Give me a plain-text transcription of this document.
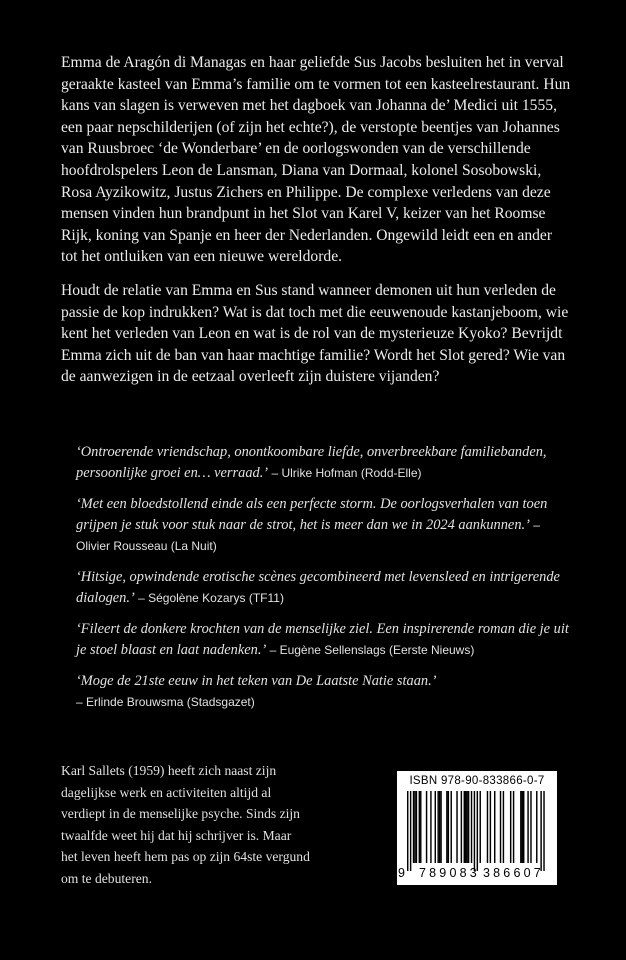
Emma de Aragón di Managas en haar geliefde Sus Jacobs besluiten het in verval geraakte kasteel van Emma’s familie om te vormen tot een kasteelrestaurant. Hun kans van slagen is verweven met het dagboek van Johanna de’ Medici uit 1555, een paar nepschilderijen (of zijn het echte?), de verstopte beentjes van Johannes van Ruusbroec ‘de Wonderbare’ en de oorlogswonden van de verschillende hoofdrolspelers Leon de Lansman, Diana van Dormaal, kolonel Sosobowski, Rosa Ayzikowitz, Justus Zichers en Philippe. De complexe verledens van deze mensen vinden hun brandpunt in het Slot van Karel V, keizer van het Roomse Rijk, koning van Spanje en heer der Nederlanden. Ongewild leidt een en ander tot het ontluiken van een nieuwe wereldorde.

Houdt de relatie van Emma en Sus stand wanneer demonen uit hun verleden de passie de kop indrukken? Wat is dat toch met die eeuwenoude kastanjeboom, wie kent het verleden van Leon en wat is de rol van de mysterieuze Kyoko? Bevrijdt Emma zich uit de ban van haar machtige familie? Wordt het Slot gered? Wie van de aanwezigen in de eetzaal overleeft zijn duistere vijanden?

‘Ontroerende vriendschap, onontkoombare liefde, onverbreekbare familiebanden, persoonlijke groei en… verraad.’ – Ulrike Hofman (Rodd-Elle)
‘Met een bloedstollend einde als een perfecte storm. De oorlogsverhalen van toen grijpen je stuk voor stuk naar de strot, het is meer dan we in 2024 aankunnen.’ – Olivier Rousseau (La Nuit)
‘Hitsige, opwindende erotische scènes gecombineerd met levensleed en intrigerende dialogen.’ – Ségolène Kozarys (TF11)
‘Fileert de donkere krochten van de menselijke ziel. Een inspirerende roman die je uit je stoel blaast en laat nadenken.’ – Eugène Sellenslags (Eerste Nieuws)
‘Moge de 21ste eeuw in het teken van De Laatste Natie staan.’
– Erlinde Brouwsma (Stadsgazet)
Karl Sallets (1959) heeft zich naast zijn dagelijkse werk en activiteiten altijd al verdiept in de menselijke psyche. Sinds zijn twaalfde weet hij dat hij schrijver is. Maar het leven heeft hem pas op zijn 64ste vergund om te debuteren.
ISBN 978-90-833866-0-7
9 789083 386607
